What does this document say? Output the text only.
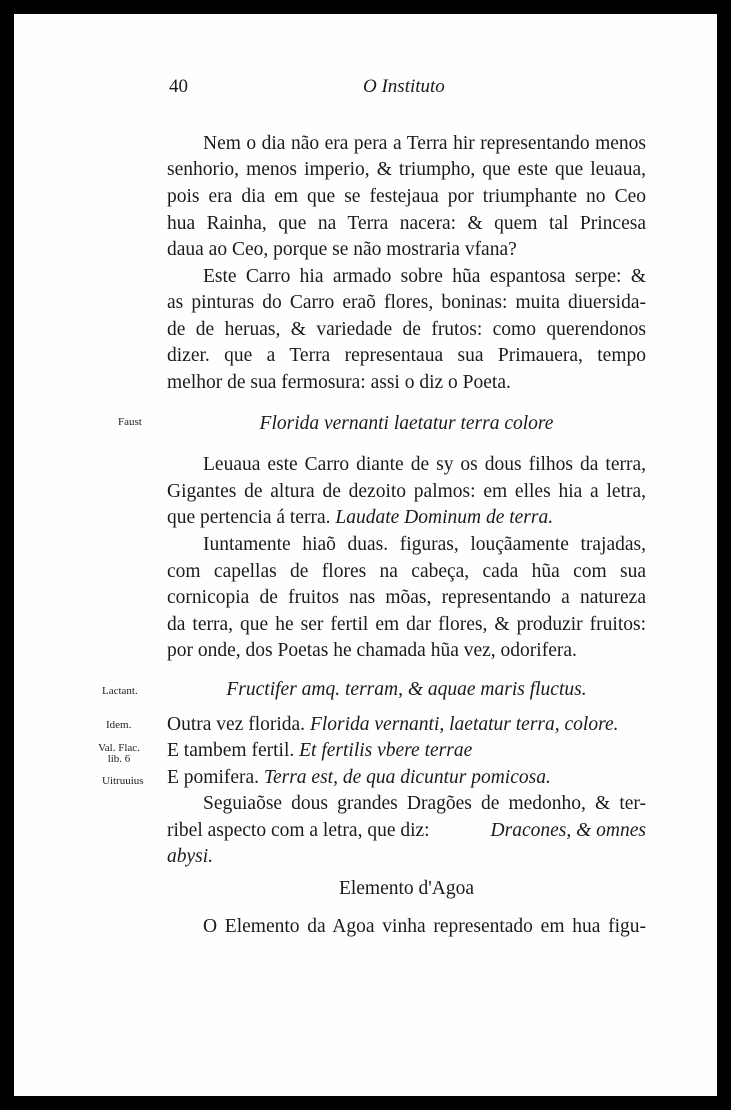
40	O Instituto
Nem o dia não era pera a Terra hir representando menos
senhorio, menos imperio, & triumpho, que este que leuaua,
pois era dia em que se festejaua por triumphante no Ceo
hua Rainha, que na Terra nacera: & quem tal Princesa
daua ao Ceo, porque se não mostraria vfana?
Este Carro hia armado sobre hũa espantosa serpe: &
as pinturas do Carro eraõ flores, boninas: muita diuersida-
de de heruas, & variedade de frutos: como querendonos
dizer. que a Terra representaua sua Primauera, tempo
melhor de sua fermosura: assi o diz o Poeta.
Faust	Florida vernanti laetatur terra colore
Leuaua este Carro diante de sy os dous filhos da terra,
Gigantes de altura de dezoito palmos: em elles hia a letra,
que pertencia á terra. Laudate Dominum de terra.
Iuntamente hiaõ duas. figuras, louçãamente trajadas,
com capellas de flores na cabeça, cada hũa com sua
cornicopia de fruitos nas mõas, representando a natureza
da terra, que he ser fertil em dar flores, & produzir fruitos:
por onde, dos Poetas he chamada hũa vez, odorifera.
Lactant.	Fructifer amq. terram, & aquae maris fluctus.
Idem. Outra vez florida. Florida vernanti, laetatur terra, colore.
Val. Flac.
lib. 6	E tambem fertil. Et fertilis vbere terrae
Uitruuius E pomifera. Terra est, de qua dicuntur pomicosa.
Seguiaõse dous grandes Dragões de medonho, & ter-
ribel aspecto com a letra, que diz:	Dracones, & omnes
abysi.
Elemento d'Agoa
O Elemento da Agoa vinha representado em hua figu-
